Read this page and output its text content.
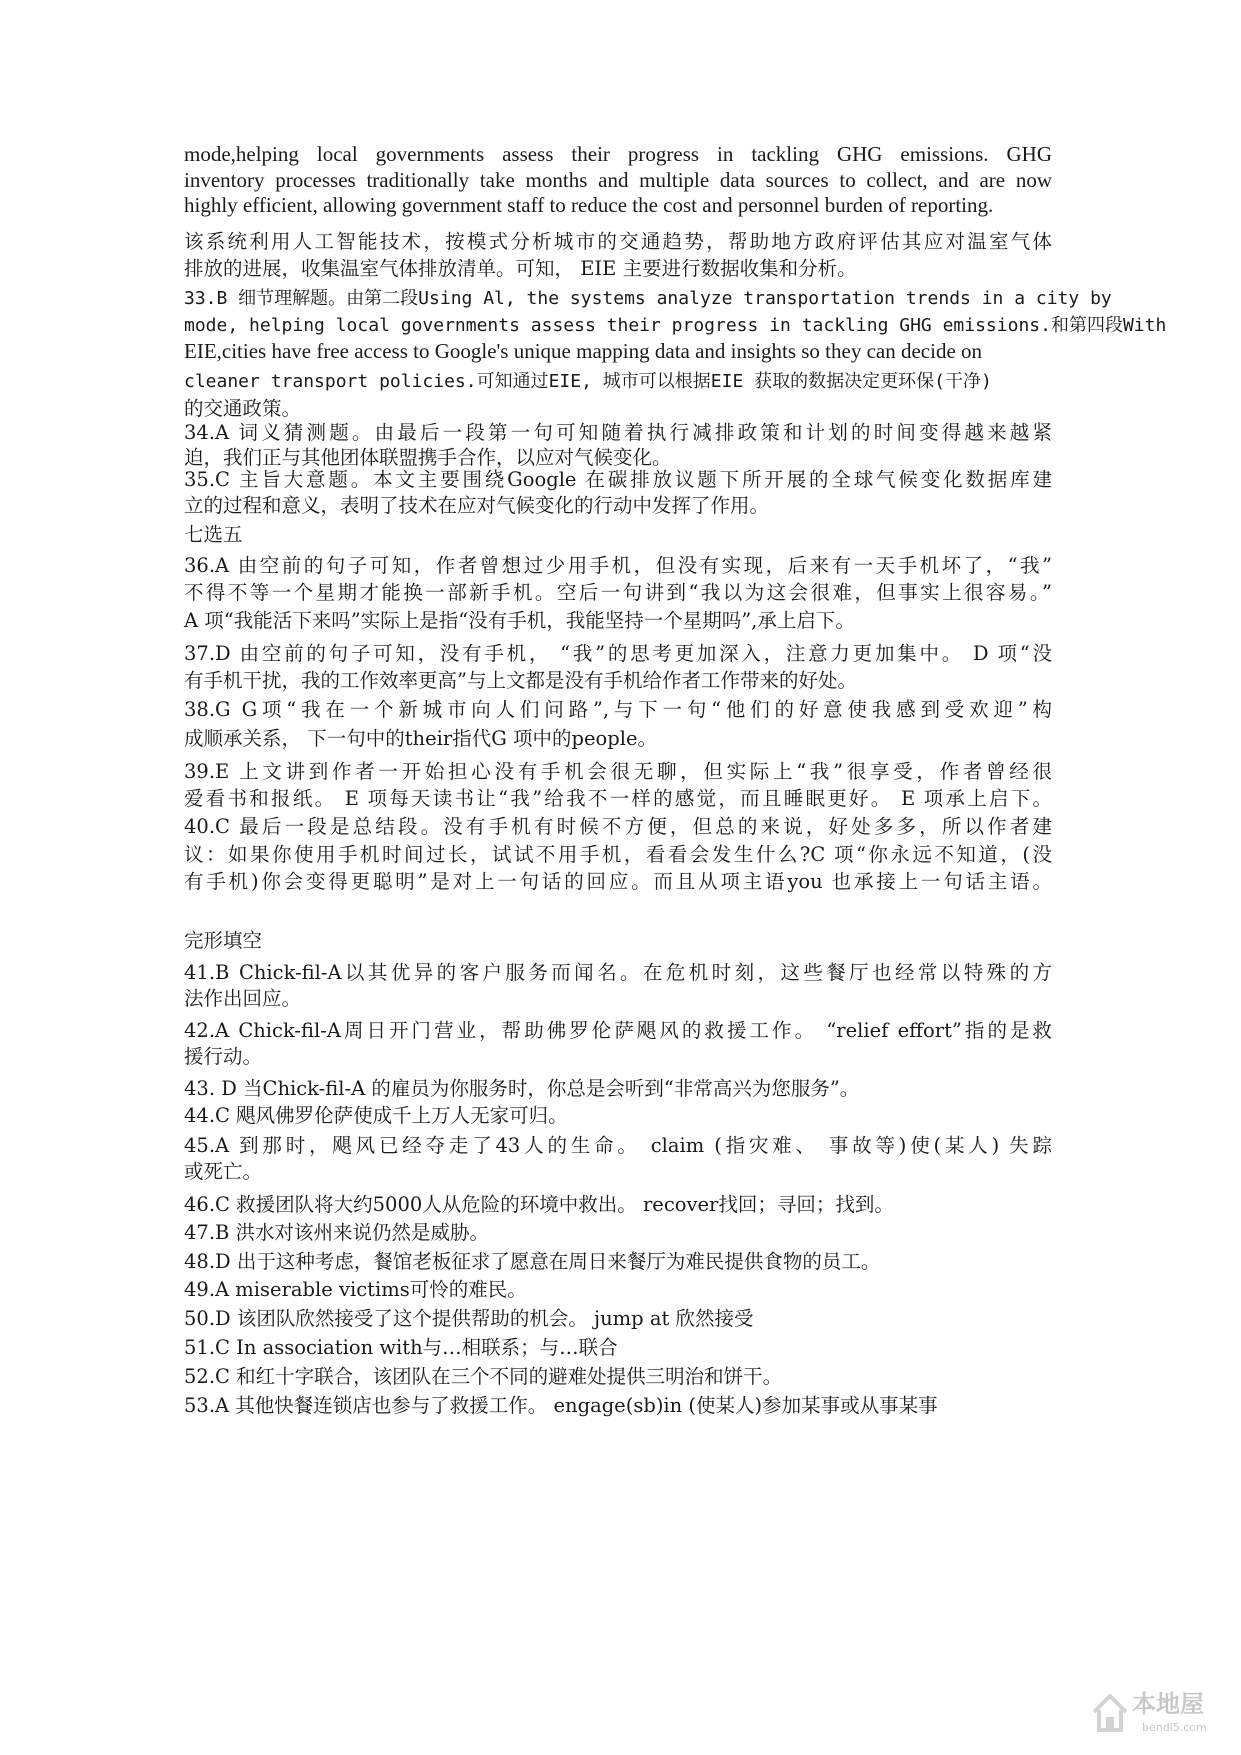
mode,helping local governments assess their progress in tackling GHG emissions. GHG
inventory processes traditionally take months and multiple data sources to collect, and are now
highly efficient, allowing government staff to reduce the cost and personnel burden of reporting.
该系统利用人工智能技术，按模式分析城市的交通趋势，帮助地方政府评估其应对温室气体
排放的进展，收集温室气体排放清单。可知， EIE 主要进行数据收集和分析。
33.B 细节理解题。由第二段Using Al, the systems analyze transportation trends in a city by
mode, helping local governments assess their progress in tackling GHG emissions.和第四段With
EIE,cities have free access to Google's unique mapping data and insights so they can decide on
cleaner transport policies.可知通过EIE, 城市可以根据EIE 获取的数据决定更环保(干净)
的交通政策。
34.A 词义猜测题。由最后一段第一句可知随着执行减排政策和计划的时间变得越来越紧
迫，我们正与其他团体联盟携手合作，以应对气候变化。
35.C 主旨大意题。本文主要围绕Google 在碳排放议题下所开展的全球气候变化数据库建
立的过程和意义，表明了技术在应对气候变化的行动中发挥了作用。
七选五
36.A 由空前的句子可知，作者曾想过少用手机，但没有实现，后来有一天手机坏了，“我”
不得不等一个星期才能换一部新手机。空后一句讲到“我以为这会很难，但事实上很容易。”
A 项“我能活下来吗”实际上是指“没有手机，我能坚持一个星期吗”,承上启下。
37.D 由空前的句子可知，没有手机， “我”的思考更加深入，注意力更加集中。 D 项“没
有手机干扰，我的工作效率更高”与上文都是没有手机给作者工作带来的好处。
38.G G项“我在一个新城市向人们问路”,与下一句“他们的好意使我感到受欢迎”构
成顺承关系， 下一句中的their指代G 项中的people。
39.E 上文讲到作者一开始担心没有手机会很无聊，但实际上“我”很享受，作者曾经很
爱看书和报纸。 E 项每天读书让“我”给我不一样的感觉，而且睡眠更好。 E 项承上启下。
40.C 最后一段是总结段。没有手机有时候不方便，但总的来说，好处多多，所以作者建
议：如果你使用手机时间过长，试试不用手机，看看会发生什么?C 项“你永远不知道，(没
有手机)你会变得更聪明”是对上一句话的回应。而且从项主语you 也承接上一句话主语。
完形填空
41.B Chick-fil-A以其优异的客户服务而闻名。在危机时刻，这些餐厅也经常以特殊的方
法作出回应。
42.A Chick-fil-A周日开门营业，帮助佛罗伦萨飓风的救援工作。 “relief effort”指的是救
援行动。
43. D 当Chick-fil-A 的雇员为你服务时，你总是会听到“非常高兴为您服务”。
44.C 飓风佛罗伦萨使成千上万人无家可归。
45.A 到那时，飓风已经夺走了43人的生命。 claim (指灾难、 事故等)使(某人) 失踪
或死亡。
46.C 救援团队将大约5000人从危险的环境中救出。 recover找回；寻回；找到。
47.B 洪水对该州来说仍然是威胁。
48.D 出于这种考虑，餐馆老板征求了愿意在周日来餐厅为难民提供食物的员工。
49.A miserable victims可怜的难民。
50.D 该团队欣然接受了这个提供帮助的机会。 jump at 欣然接受
51.C In association with与…相联系；与…联合
52.C 和红十字联合，该团队在三个不同的避难处提供三明治和饼干。
53.A 其他快餐连锁店也参与了救援工作。 engage(sb)in (使某人)参加某事或从事某事
本地屋
bendi5.com
